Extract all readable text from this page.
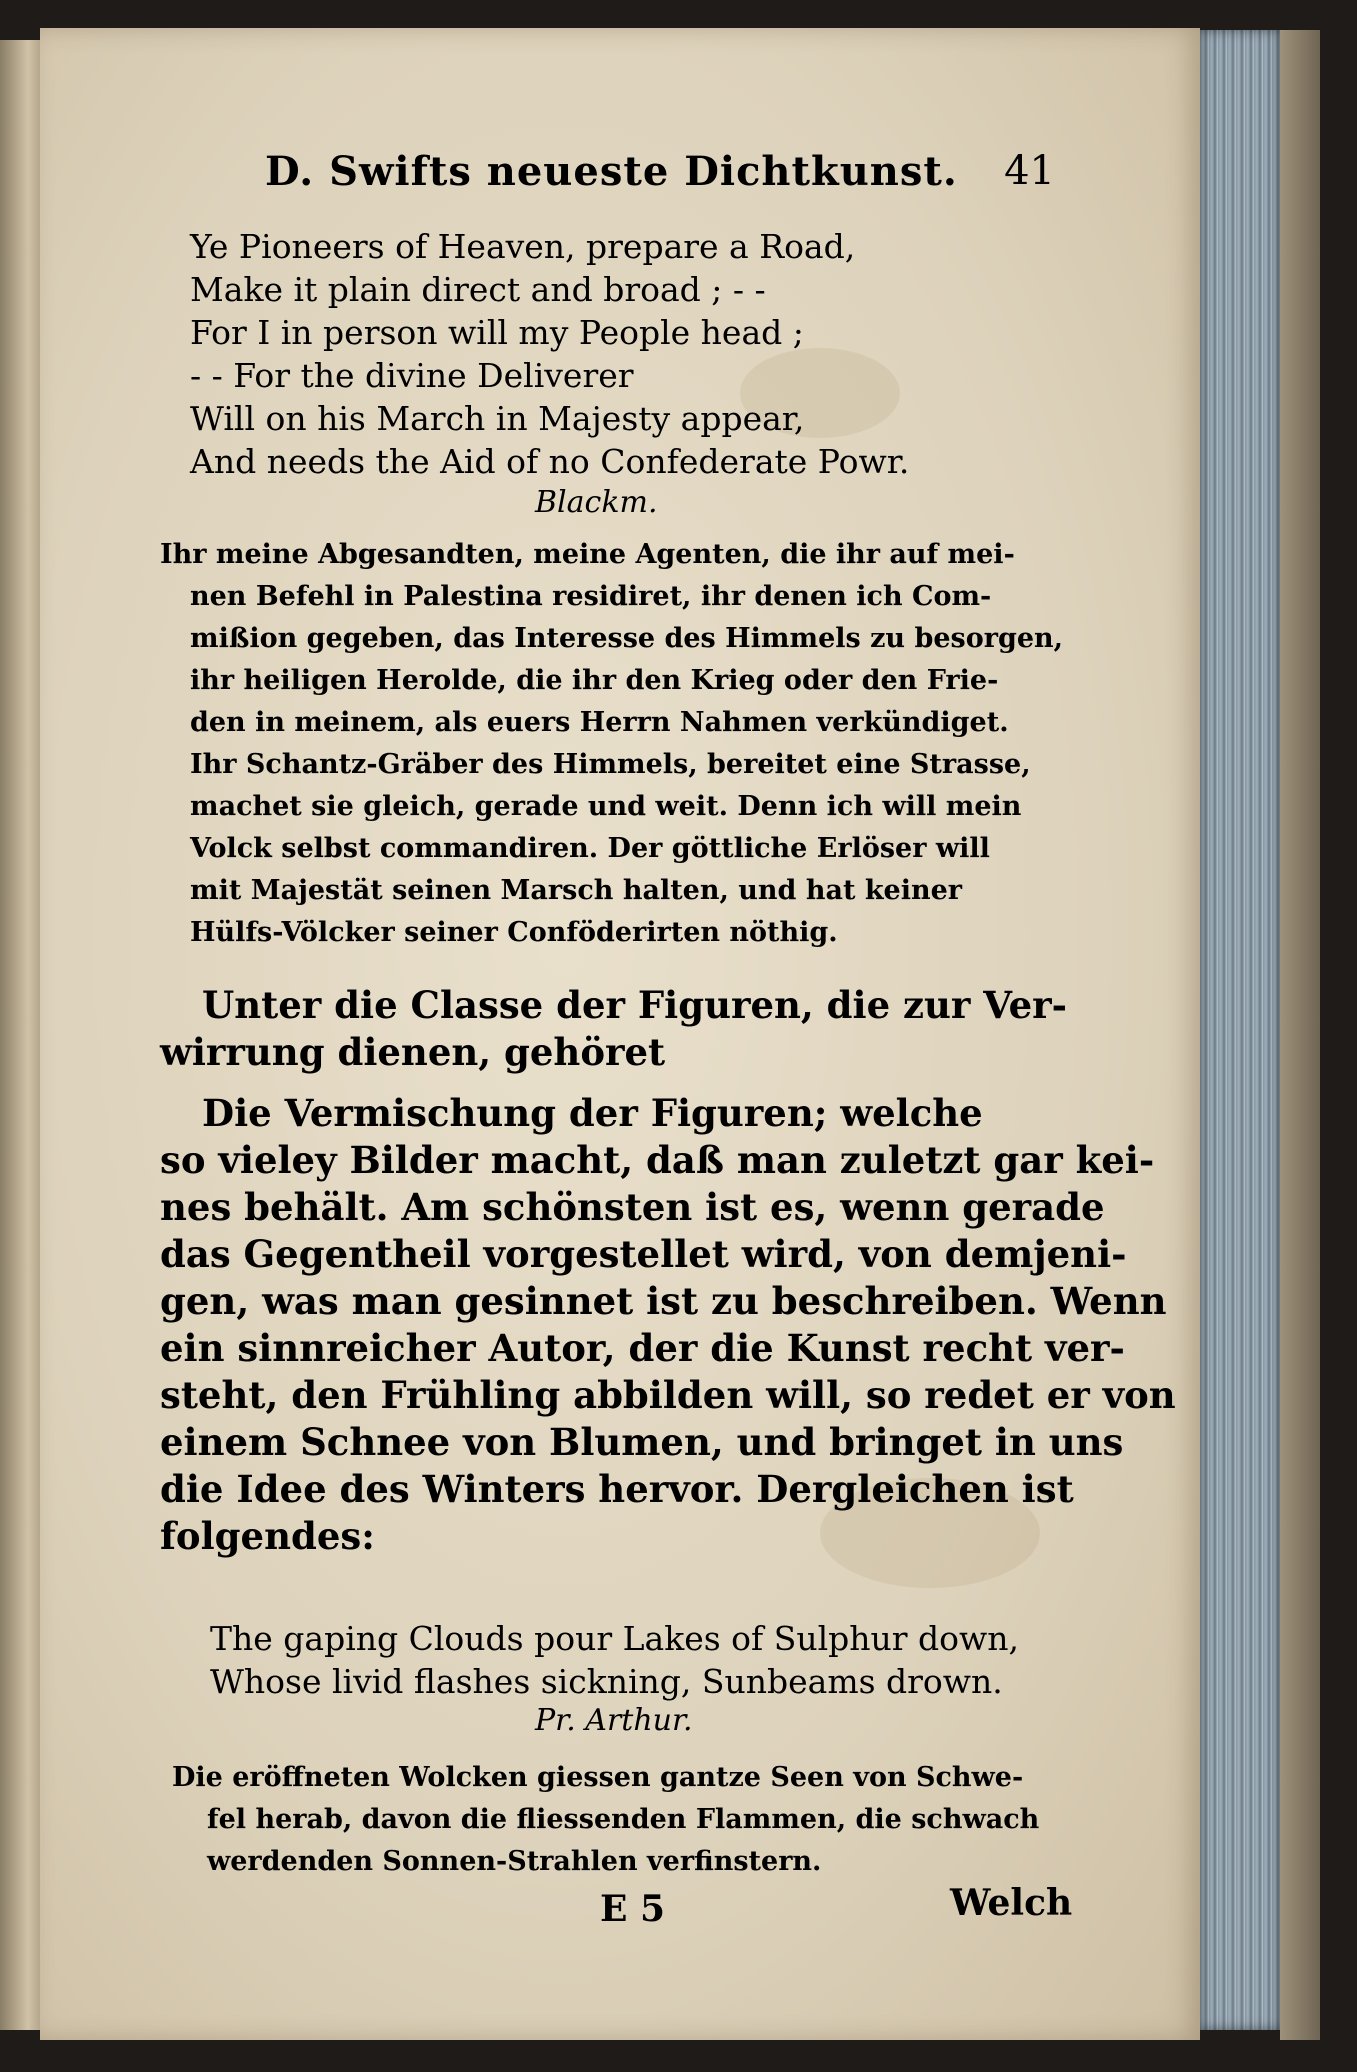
D. Swifts neueste Dichtkunst. 41
Ye Pioneers of Heaven, prepare a Road,
Make it plain direct and broad ; - -
For I in person will my People head ;
- - For the divine Deliverer
Will on his March in Majesty appear,
And needs the Aid of no Confederate Powr.
Blackm.
Ihr meine Abgesandten, meine Agenten, die ihr auf mei-
nen Befehl in Palestina residiret, ihr denen ich Com-
mißion gegeben, das Interesse des Himmels zu besorgen,
ihr heiligen Herolde, die ihr den Krieg oder den Frie-
den in meinem, als euers Herrn Nahmen verkündiget.
Ihr Schantz-Gräber des Himmels, bereitet eine Strasse,
machet sie gleich, gerade und weit. Denn ich will mein
Volck selbst commandiren. Der göttliche Erlöser will
mit Majestät seinen Marsch halten, und hat keiner
Hülfs-Völcker seiner Conföderirten nöthig.
Unter die Classe der Figuren, die zur Ver-
wirrung dienen, gehöret
Die Vermischung der Figuren; welche
so vieley Bilder macht, daß man zuletzt gar kei-
nes behält. Am schönsten ist es, wenn gerade
das Gegentheil vorgestellet wird, von demjeni-
gen, was man gesinnet ist zu beschreiben. Wenn
ein sinnreicher Autor, der die Kunst recht ver-
steht, den Frühling abbilden will, so redet er von
einem Schnee von Blumen, und bringet in uns
die Idee des Winters hervor. Dergleichen ist
folgendes:
The gaping Clouds pour Lakes of Sulphur down,
Whose livid flashes sickning, Sunbeams drown.
Pr. Arthur.
Die eröffneten Wolcken giessen gantze Seen von Schwe-
fel herab, davon die fliessenden Flammen, die schwach
werdenden Sonnen-Strahlen verfinstern.
E 5	Welch
